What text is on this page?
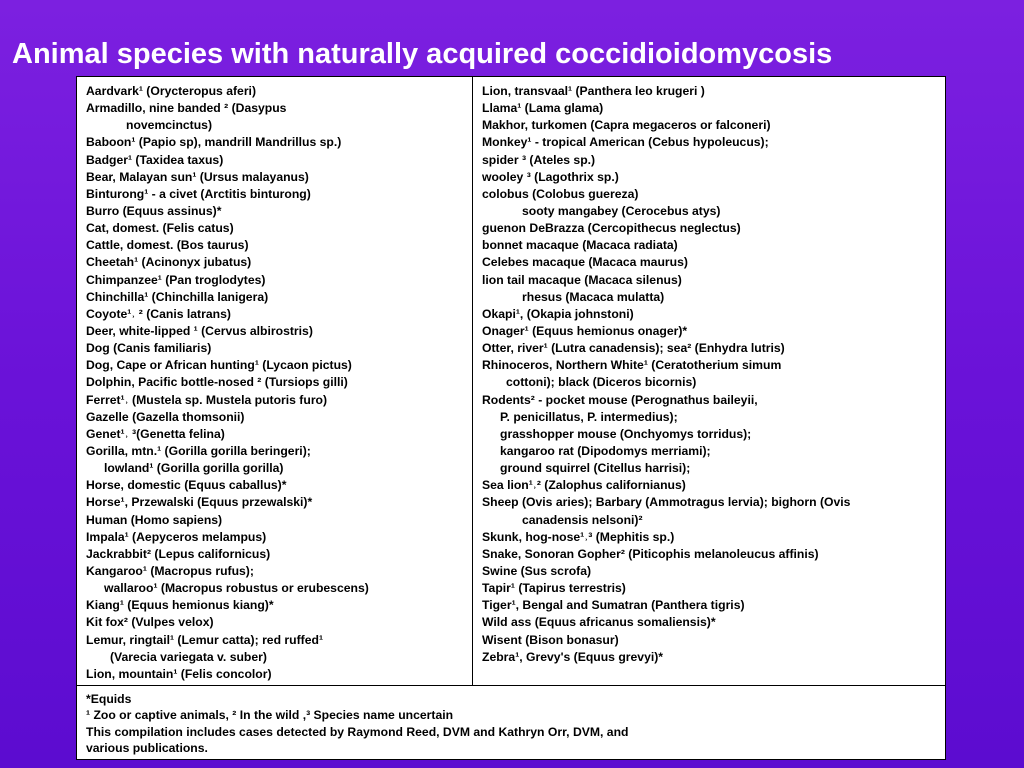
Animal species with naturally acquired coccidioidomycosis
Aardvark¹ (Orycteropus aferi)
Armadillo, nine banded ² (Dasypus
novemcinctus)
Baboon¹ (Papio sp), mandrill Mandrillus sp.)
Badger¹ (Taxidea taxus)
Bear, Malayan sun¹ (Ursus malayanus)
Binturong¹ - a civet (Arctitis binturong)
Burro (Equus assinus)*
Cat, domest. (Felis catus)
Cattle, domest. (Bos taurus)
Cheetah¹ (Acinonyx jubatus)
Chimpanzee¹ (Pan troglodytes)
Chinchilla¹ (Chinchilla lanigera)
Coyote¹˒ ² (Canis latrans)
Deer, white-lipped ¹ (Cervus albirostris)
Dog (Canis familiaris)
Dog, Cape or African hunting¹ (Lycaon pictus)
Dolphin, Pacific bottle-nosed ² (Tursiops gilli)
Ferret¹˒ (Mustela sp. Mustela putoris furo)
Gazelle (Gazella thomsonii)
Genet¹˒ ³(Genetta felina)
Gorilla, mtn.¹ (Gorilla gorilla beringeri);
lowland¹ (Gorilla gorilla gorilla)
Horse, domestic (Equus caballus)*
Horse¹, Przewalski (Equus przewalski)*
Human (Homo sapiens)
Impala¹ (Aepyceros melampus)
Jackrabbit² (Lepus californicus)
Kangaroo¹ (Macropus rufus);
wallaroo¹ (Macropus robustus or erubescens)
Kiang¹ (Equus hemionus kiang)*
Kit fox² (Vulpes velox)
Lemur, ringtail¹ (Lemur catta); red ruffed¹
(Varecia variegata v. suber)
Lion, mountain¹ (Felis concolor)
Lion, transvaal¹ (Panthera leo krugeri )
Llama¹ (Lama glama)
Makhor, turkomen (Capra megaceros or falconeri)
Monkey¹ - tropical American (Cebus hypoleucus);
spider ³ (Ateles sp.)
wooley ³ (Lagothrix sp.)
colobus (Colobus guereza)
sooty mangabey (Cerocebus atys)
guenon DeBrazza (Cercopithecus neglectus)
bonnet macaque (Macaca radiata)
Celebes macaque (Macaca maurus)
lion tail macaque (Macaca silenus)
rhesus (Macaca mulatta)
Okapi¹, (Okapia johnstoni)
Onager¹ (Equus hemionus onager)*
Otter, river¹ (Lutra canadensis); sea² (Enhydra lutris)
Rhinoceros, Northern White¹ (Ceratotherium simum
cottoni); black (Diceros bicornis)
Rodents² - pocket mouse (Perognathus baileyii,
P. penicillatus, P. intermedius);
grasshopper mouse (Onchyomys torridus);
kangaroo rat (Dipodomys merriami);
ground squirrel (Citellus harrisi);
Sea lion¹˒² (Zalophus californianus)
Sheep (Ovis aries); Barbary (Ammotragus lervia); bighorn (Ovis
canadensis nelsoni)²
Skunk, hog-nose¹˒³ (Mephitis sp.)
Snake, Sonoran Gopher² (Piticophis melanoleucus affinis)
Swine (Sus scrofa)
Tapir¹ (Tapirus terrestris)
Tiger¹, Bengal and Sumatran (Panthera tigris)
Wild ass (Equus africanus somaliensis)*
Wisent (Bison bonasur)
Zebra¹, Grevy's (Equus grevyi)*
*Equids
¹ Zoo or captive animals, ² In the wild ,³ Species name uncertain
This compilation includes cases detected by Raymond Reed, DVM and Kathryn Orr, DVM, and
various publications.
